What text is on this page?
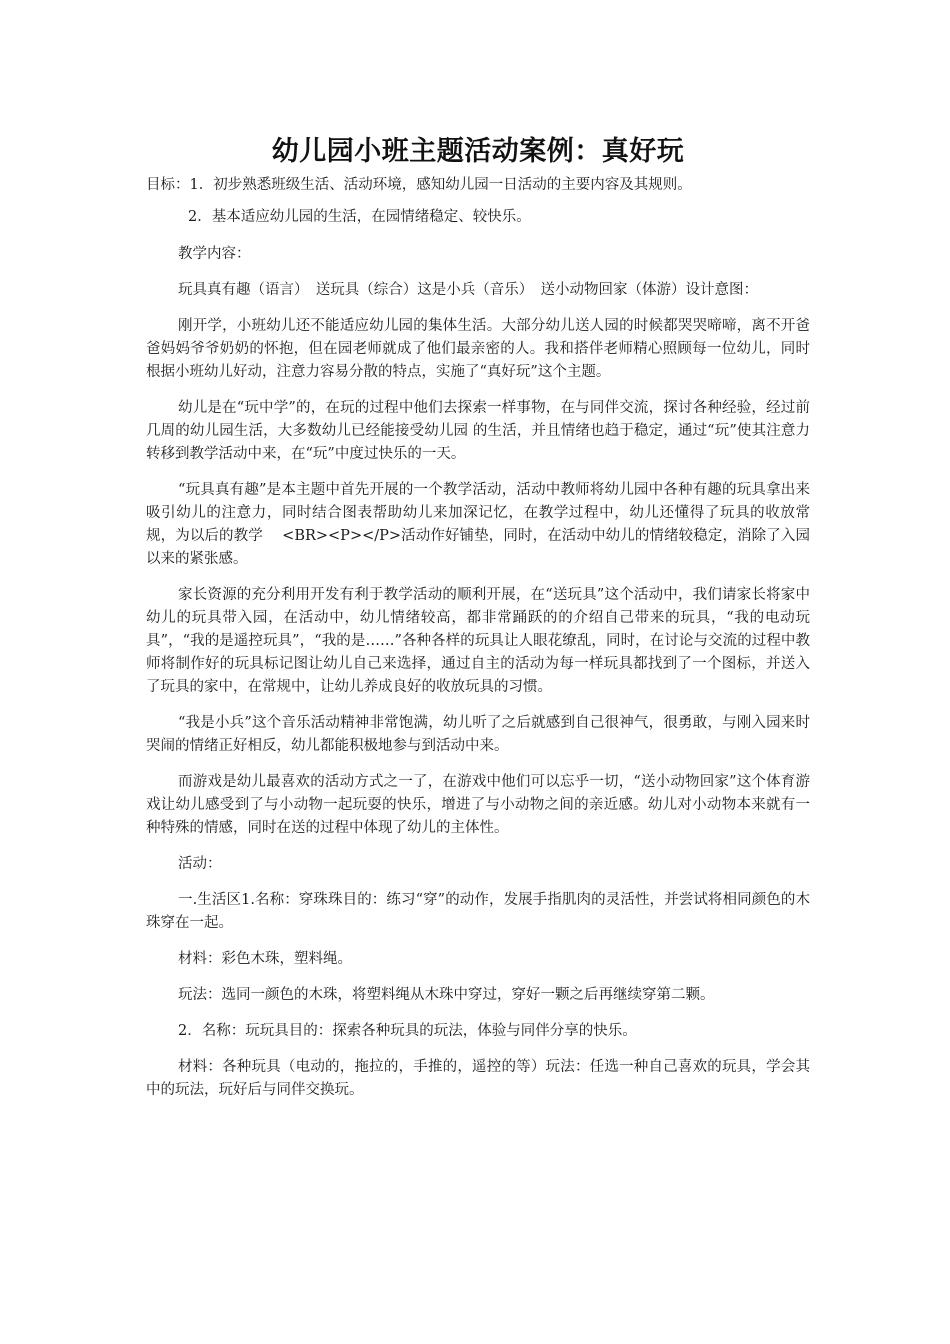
幼儿园小班主题活动案例：真好玩

目标：1．初步熟悉班级生活、活动环境，感知幼儿园一日活动的主要内容及其规则。

2．基本适应幼儿园的生活，在园情绪稳定、较快乐。

教学内容：

玩具真有趣（语言）　送玩具（综合）这是小兵（音乐）　送小动物回家（体游）设计意图：

刚开学，小班幼儿还不能适应幼儿园的集体生活。大部分幼儿送人园的时候都哭哭啼啼，离不开爸爸妈妈爷爷奶奶的怀抱，但在园老师就成了他们最亲密的人。我和搭伴老师精心照顾每一位幼儿，同时根据小班幼儿好动，注意力容易分散的特点，实施了“真好玩”这个主题。

幼儿是在“玩中学”的，在玩的过程中他们去探索一样事物，在与同伴交流，探讨各种经验，经过前几周的幼儿园生活，大多数幼儿已经能接受幼儿园 的生活，并且情绪也趋于稳定，通过“玩”使其注意力转移到教学活动中来，在“玩”中度过快乐的一天。

“玩具真有趣”是本主题中首先开展的一个教学活动，活动中教师将幼儿园中各种有趣的玩具拿出来吸引幼儿的注意力，同时结合图表帮助幼儿来加深记忆，在教学过程中，幼儿还懂得了玩具的收放常规，为以后的教学　 <BR><P></P>活动作好铺垫，同时，在活动中幼儿的情绪较稳定，消除了入园以来的紧张感。

家长资源的充分利用开发有利于教学活动的顺利开展，在“送玩具”这个活动中，我们请家长将家中幼儿的玩具带入园，在活动中，幼儿情绪较高，都非常踊跃的的介绍自己带来的玩具，“我的电动玩具”，“我的是遥控玩具”，“我的是……”各种各样的玩具让人眼花缭乱，同时，在讨论与交流的过程中教师将制作好的玩具标记图让幼儿自己来选择，通过自主的活动为每一样玩具都找到了一个图标，并送入了玩具的家中，在常规中，让幼儿养成良好的收放玩具的习惯。

“我是小兵”这个音乐活动精神非常饱满，幼儿听了之后就感到自己很神气，很勇敢，与刚入园来时哭闹的情绪正好相反，幼儿都能积极地参与到活动中来。

而游戏是幼儿最喜欢的活动方式之一了，在游戏中他们可以忘乎一切，“送小动物回家”这个体育游戏让幼儿感受到了与小动物一起玩耍的快乐，增进了与小动物之间的亲近感。幼儿对小动物本来就有一种特殊的情感，同时在送的过程中体现了幼儿的主体性。

活动：

一.生活区1.名称：穿珠珠目的：练习“穿”的动作，发展手指肌肉的灵活性，并尝试将相同颜色的木珠穿在一起。

材料：彩色木珠，塑料绳。

玩法：选同一颜色的木珠，将塑料绳从木珠中穿过，穿好一颗之后再继续穿第二颗。

2．名称：玩玩具目的：探索各种玩具的玩法，体验与同伴分享的快乐。

材料：各种玩具（电动的，拖拉的，手推的，遥控的等）玩法：任选一种自己喜欢的玩具，学会其中的玩法，玩好后与同伴交换玩。
